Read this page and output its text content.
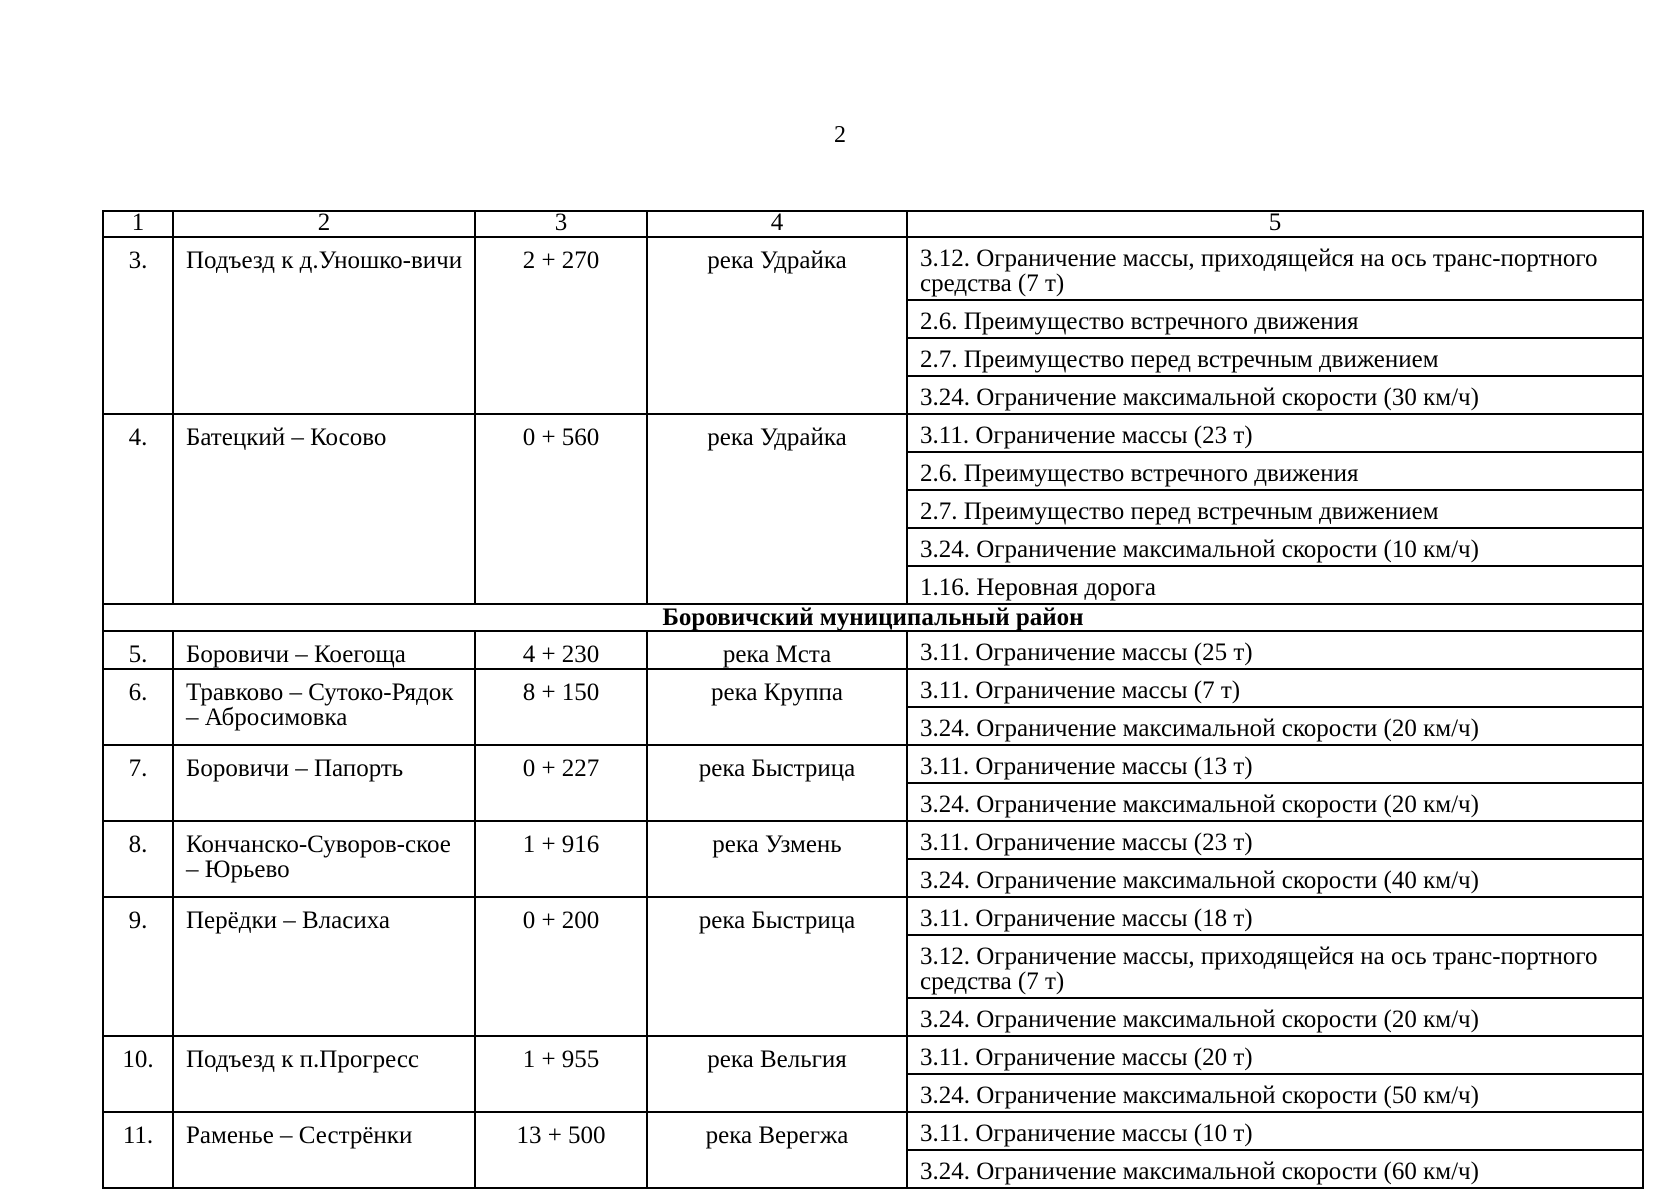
2
1	2	3	4	5
3.	Подъезд к д.Уношко-вичи	2 + 270	река Удрайка	3.12. Ограничение массы, приходящейся на ось транс-портного средства (7 т)
2.6. Преимущество встречного движения
2.7. Преимущество перед встречным движением
3.24. Ограничение максимальной скорости (30 км/ч)

4.	Батецкий – Косово	0 + 560	река Удрайка	3.11. Ограничение массы (23 т)
2.6. Преимущество встречного движения
2.7. Преимущество перед встречным движением
3.24. Ограничение максимальной скорости (10 км/ч)
1.16. Неровная дорога

Боровичский муниципальный район				
5.	Боровичи – Коегоща	4 + 230	река Мста	3.11. Ограничение массы (25 т)

6.	Травково – Сутоко-Рядок – Абросимовка	8 + 150	река Круппа	3.11. Ограничение массы (7 т)
3.24. Ограничение максимальной скорости (20 км/ч)

7.	Боровичи – Папорть	0 + 227	река Быстрица	3.11. Ограничение массы (13 т)
3.24. Ограничение максимальной скорости (20 км/ч)

8.	Кончанско-Суворов-ское – Юрьево	1 + 916	река Узмень	3.11. Ограничение массы (23 т)
3.24. Ограничение максимальной скорости (40 км/ч)

9.	Перёдки – Власиха	0 + 200	река Быстрица	3.11. Ограничение массы (18 т)
3.12. Ограничение массы, приходящейся на ось транс-портного средства (7 т)
3.24. Ограничение максимальной скорости (20 км/ч)

10.	Подъезд к п.Прогресс	1 + 955	река Вельгия	3.11. Ограничение массы (20 т)
3.24. Ограничение максимальной скорости (50 км/ч)

11.	Раменье – Сестрёнки	13 + 500	река Верегжа	3.11. Ограничение массы (10 т)
3.24. Ограничение максимальной скорости (60 км/ч)
